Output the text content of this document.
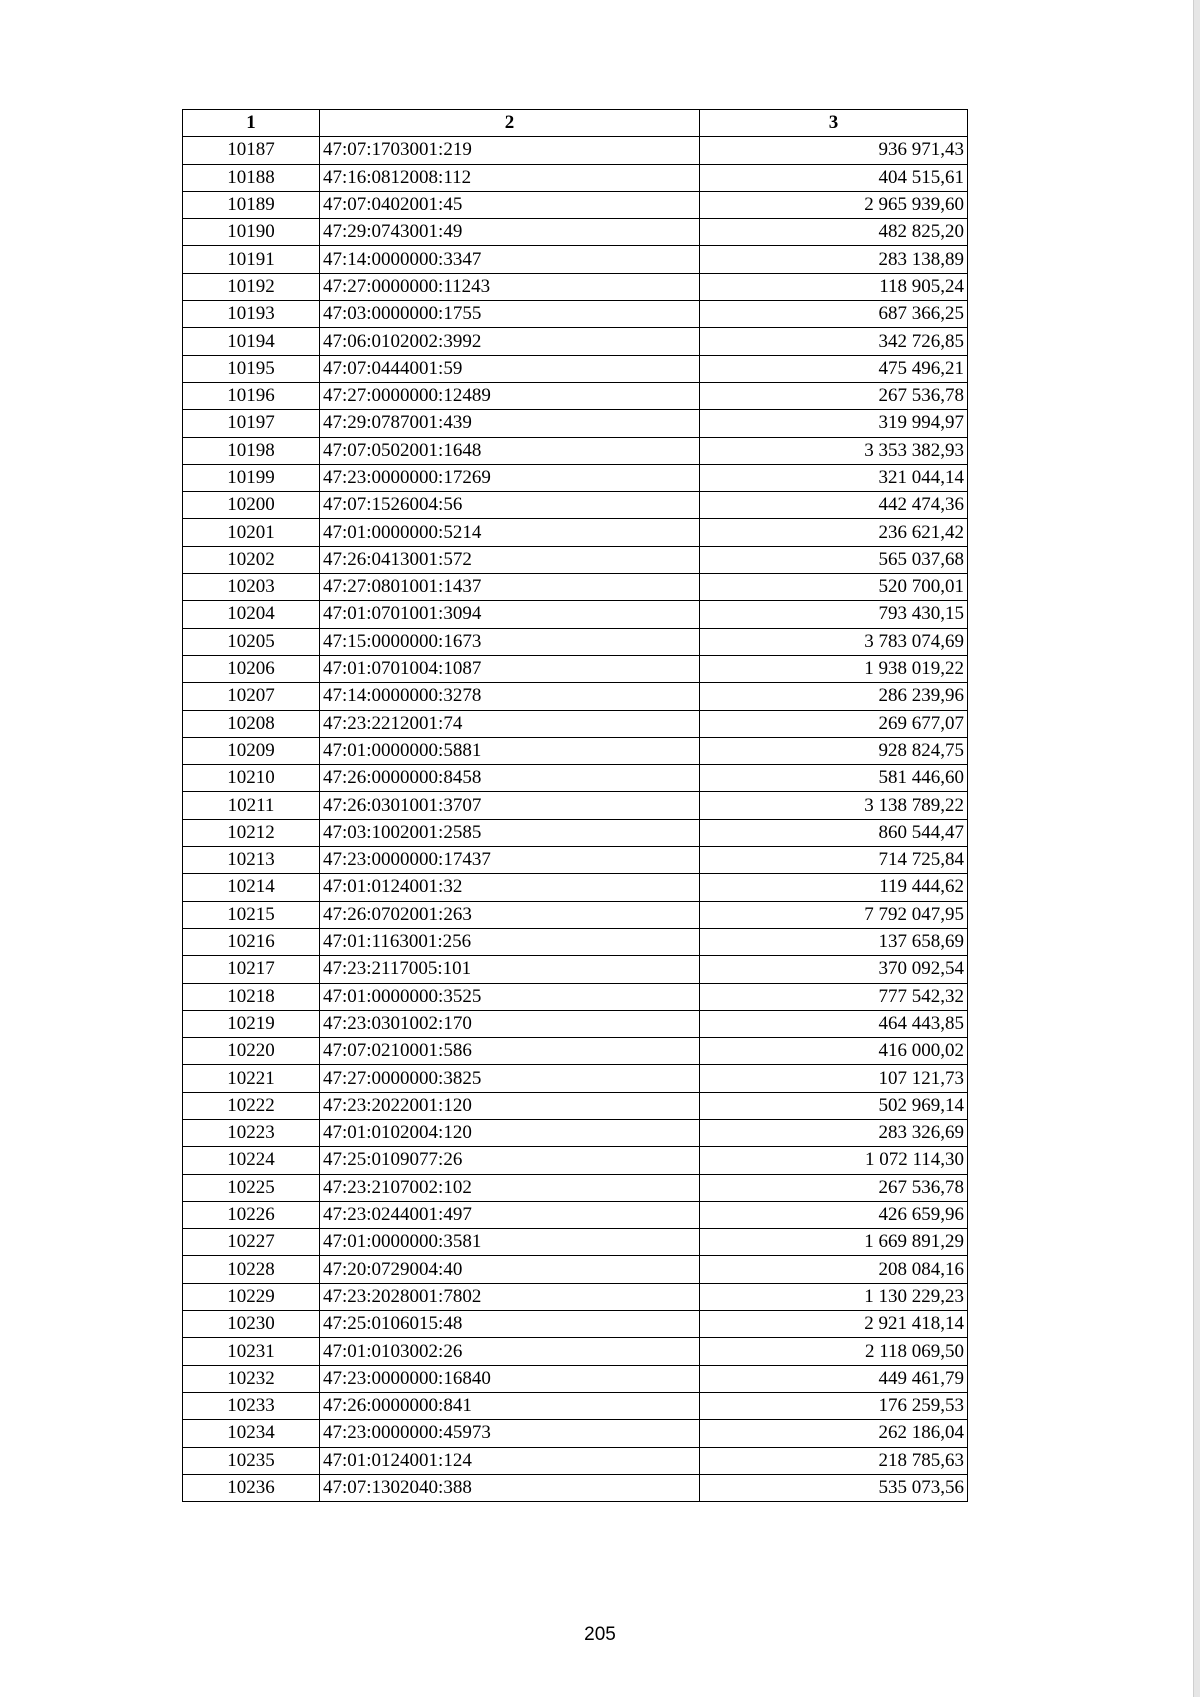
1	2	3
10187	47:07:1703001:219	936 971,43
10188	47:16:0812008:112	404 515,61
10189	47:07:0402001:45	2 965 939,60
10190	47:29:0743001:49	482 825,20
10191	47:14:0000000:3347	283 138,89
10192	47:27:0000000:11243	118 905,24
10193	47:03:0000000:1755	687 366,25
10194	47:06:0102002:3992	342 726,85
10195	47:07:0444001:59	475 496,21
10196	47:27:0000000:12489	267 536,78
10197	47:29:0787001:439	319 994,97
10198	47:07:0502001:1648	3 353 382,93
10199	47:23:0000000:17269	321 044,14
10200	47:07:1526004:56	442 474,36
10201	47:01:0000000:5214	236 621,42
10202	47:26:0413001:572	565 037,68
10203	47:27:0801001:1437	520 700,01
10204	47:01:0701001:3094	793 430,15
10205	47:15:0000000:1673	3 783 074,69
10206	47:01:0701004:1087	1 938 019,22
10207	47:14:0000000:3278	286 239,96
10208	47:23:2212001:74	269 677,07
10209	47:01:0000000:5881	928 824,75
10210	47:26:0000000:8458	581 446,60
10211	47:26:0301001:3707	3 138 789,22
10212	47:03:1002001:2585	860 544,47
10213	47:23:0000000:17437	714 725,84
10214	47:01:0124001:32	119 444,62
10215	47:26:0702001:263	7 792 047,95
10216	47:01:1163001:256	137 658,69
10217	47:23:2117005:101	370 092,54
10218	47:01:0000000:3525	777 542,32
10219	47:23:0301002:170	464 443,85
10220	47:07:0210001:586	416 000,02
10221	47:27:0000000:3825	107 121,73
10222	47:23:2022001:120	502 969,14
10223	47:01:0102004:120	283 326,69
10224	47:25:0109077:26	1 072 114,30
10225	47:23:2107002:102	267 536,78
10226	47:23:0244001:497	426 659,96
10227	47:01:0000000:3581	1 669 891,29
10228	47:20:0729004:40	208 084,16
10229	47:23:2028001:7802	1 130 229,23
10230	47:25:0106015:48	2 921 418,14
10231	47:01:0103002:26	2 118 069,50
10232	47:23:0000000:16840	449 461,79
10233	47:26:0000000:841	176 259,53
10234	47:23:0000000:45973	262 186,04
10235	47:01:0124001:124	218 785,63
10236	47:07:1302040:388	535 073,56
205
